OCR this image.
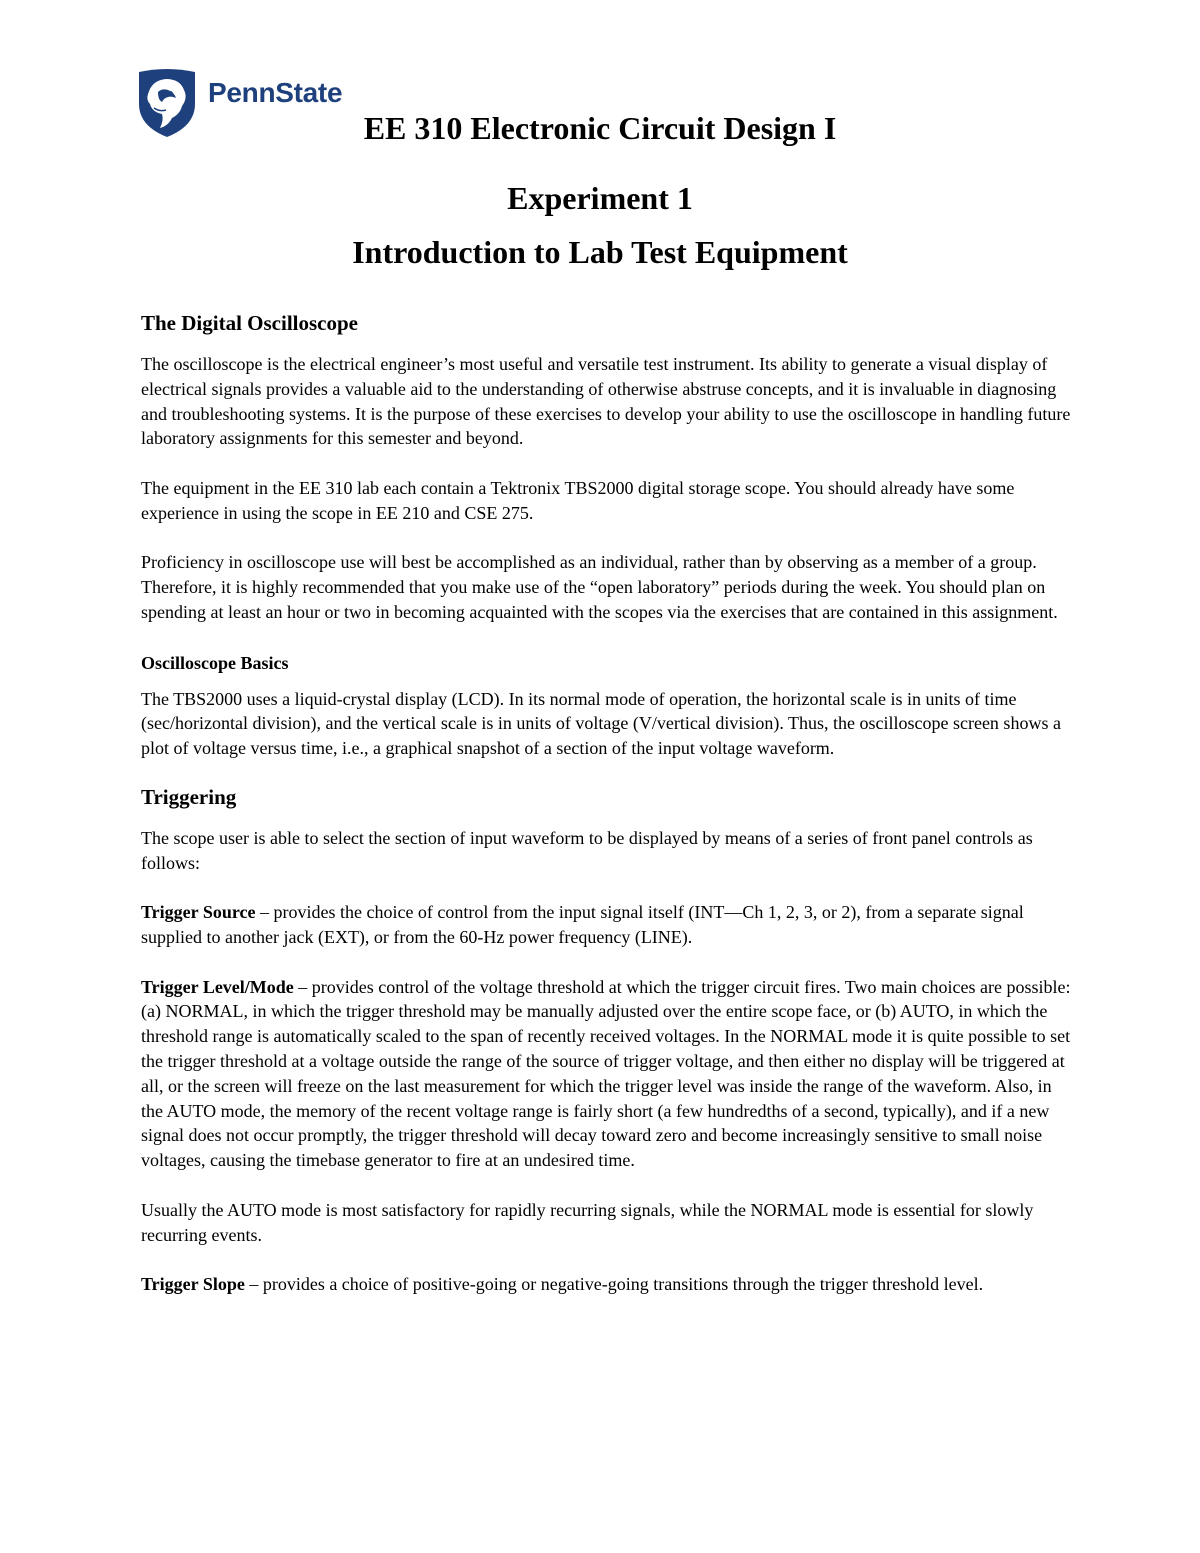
PennState
EE 310 Electronic Circuit Design I
Experiment 1
Introduction to Lab Test Equipment
The Digital Oscilloscope

The oscilloscope is the electrical engineer’s most useful and versatile test instrument. Its ability to generate a visual display of electrical signals provides a valuable aid to the understanding of otherwise abstruse concepts, and it is invaluable in diagnosing and troubleshooting systems. It is the purpose of these exercises to develop your ability to use the oscilloscope in handling future laboratory assignments for this semester and beyond.

The equipment in the EE 310 lab each contain a Tektronix TBS2000 digital storage scope. You should already have some experience in using the scope in EE 210 and CSE 275.

Proficiency in oscilloscope use will best be accomplished as an individual, rather than by observing as a member of a group. Therefore, it is highly recommended that you make use of the “open laboratory” periods during the week. You should plan on spending at least an hour or two in becoming acquainted with the scopes via the exercises that are contained in this assignment.

Oscilloscope Basics

The TBS2000 uses a liquid-crystal display (LCD). In its normal mode of operation, the horizontal scale is in units of time (sec/horizontal division), and the vertical scale is in units of voltage (V/vertical division). Thus, the oscilloscope screen shows a plot of voltage versus time, i.e., a graphical snapshot of a section of the input voltage waveform.

Triggering

The scope user is able to select the section of input waveform to be displayed by means of a series of front panel controls as follows:

Trigger Source – provides the choice of control from the input signal itself (INT—Ch 1, 2, 3, or 2), from a separate signal supplied to another jack (EXT), or from the 60-Hz power frequency (LINE).

Trigger Level/Mode – provides control of the voltage threshold at which the trigger circuit fires. Two main choices are possible: (a) NORMAL, in which the trigger threshold may be manually adjusted over the entire scope face, or (b) AUTO, in which the threshold range is automatically scaled to the span of recently received voltages. In the NORMAL mode it is quite possible to set the trigger threshold at a voltage outside the range of the source of trigger voltage, and then either no display will be triggered at all, or the screen will freeze on the last measurement for which the trigger level was inside the range of the waveform. Also, in the AUTO mode, the memory of the recent voltage range is fairly short (a few hundredths of a second, typically), and if a new signal does not occur promptly, the trigger threshold will decay toward zero and become increasingly sensitive to small noise voltages, causing the timebase generator to fire at an undesired time.

Usually the AUTO mode is most satisfactory for rapidly recurring signals, while the NORMAL mode is essential for slowly recurring events.

Trigger Slope – provides a choice of positive-going or negative-going transitions through the trigger threshold level.
